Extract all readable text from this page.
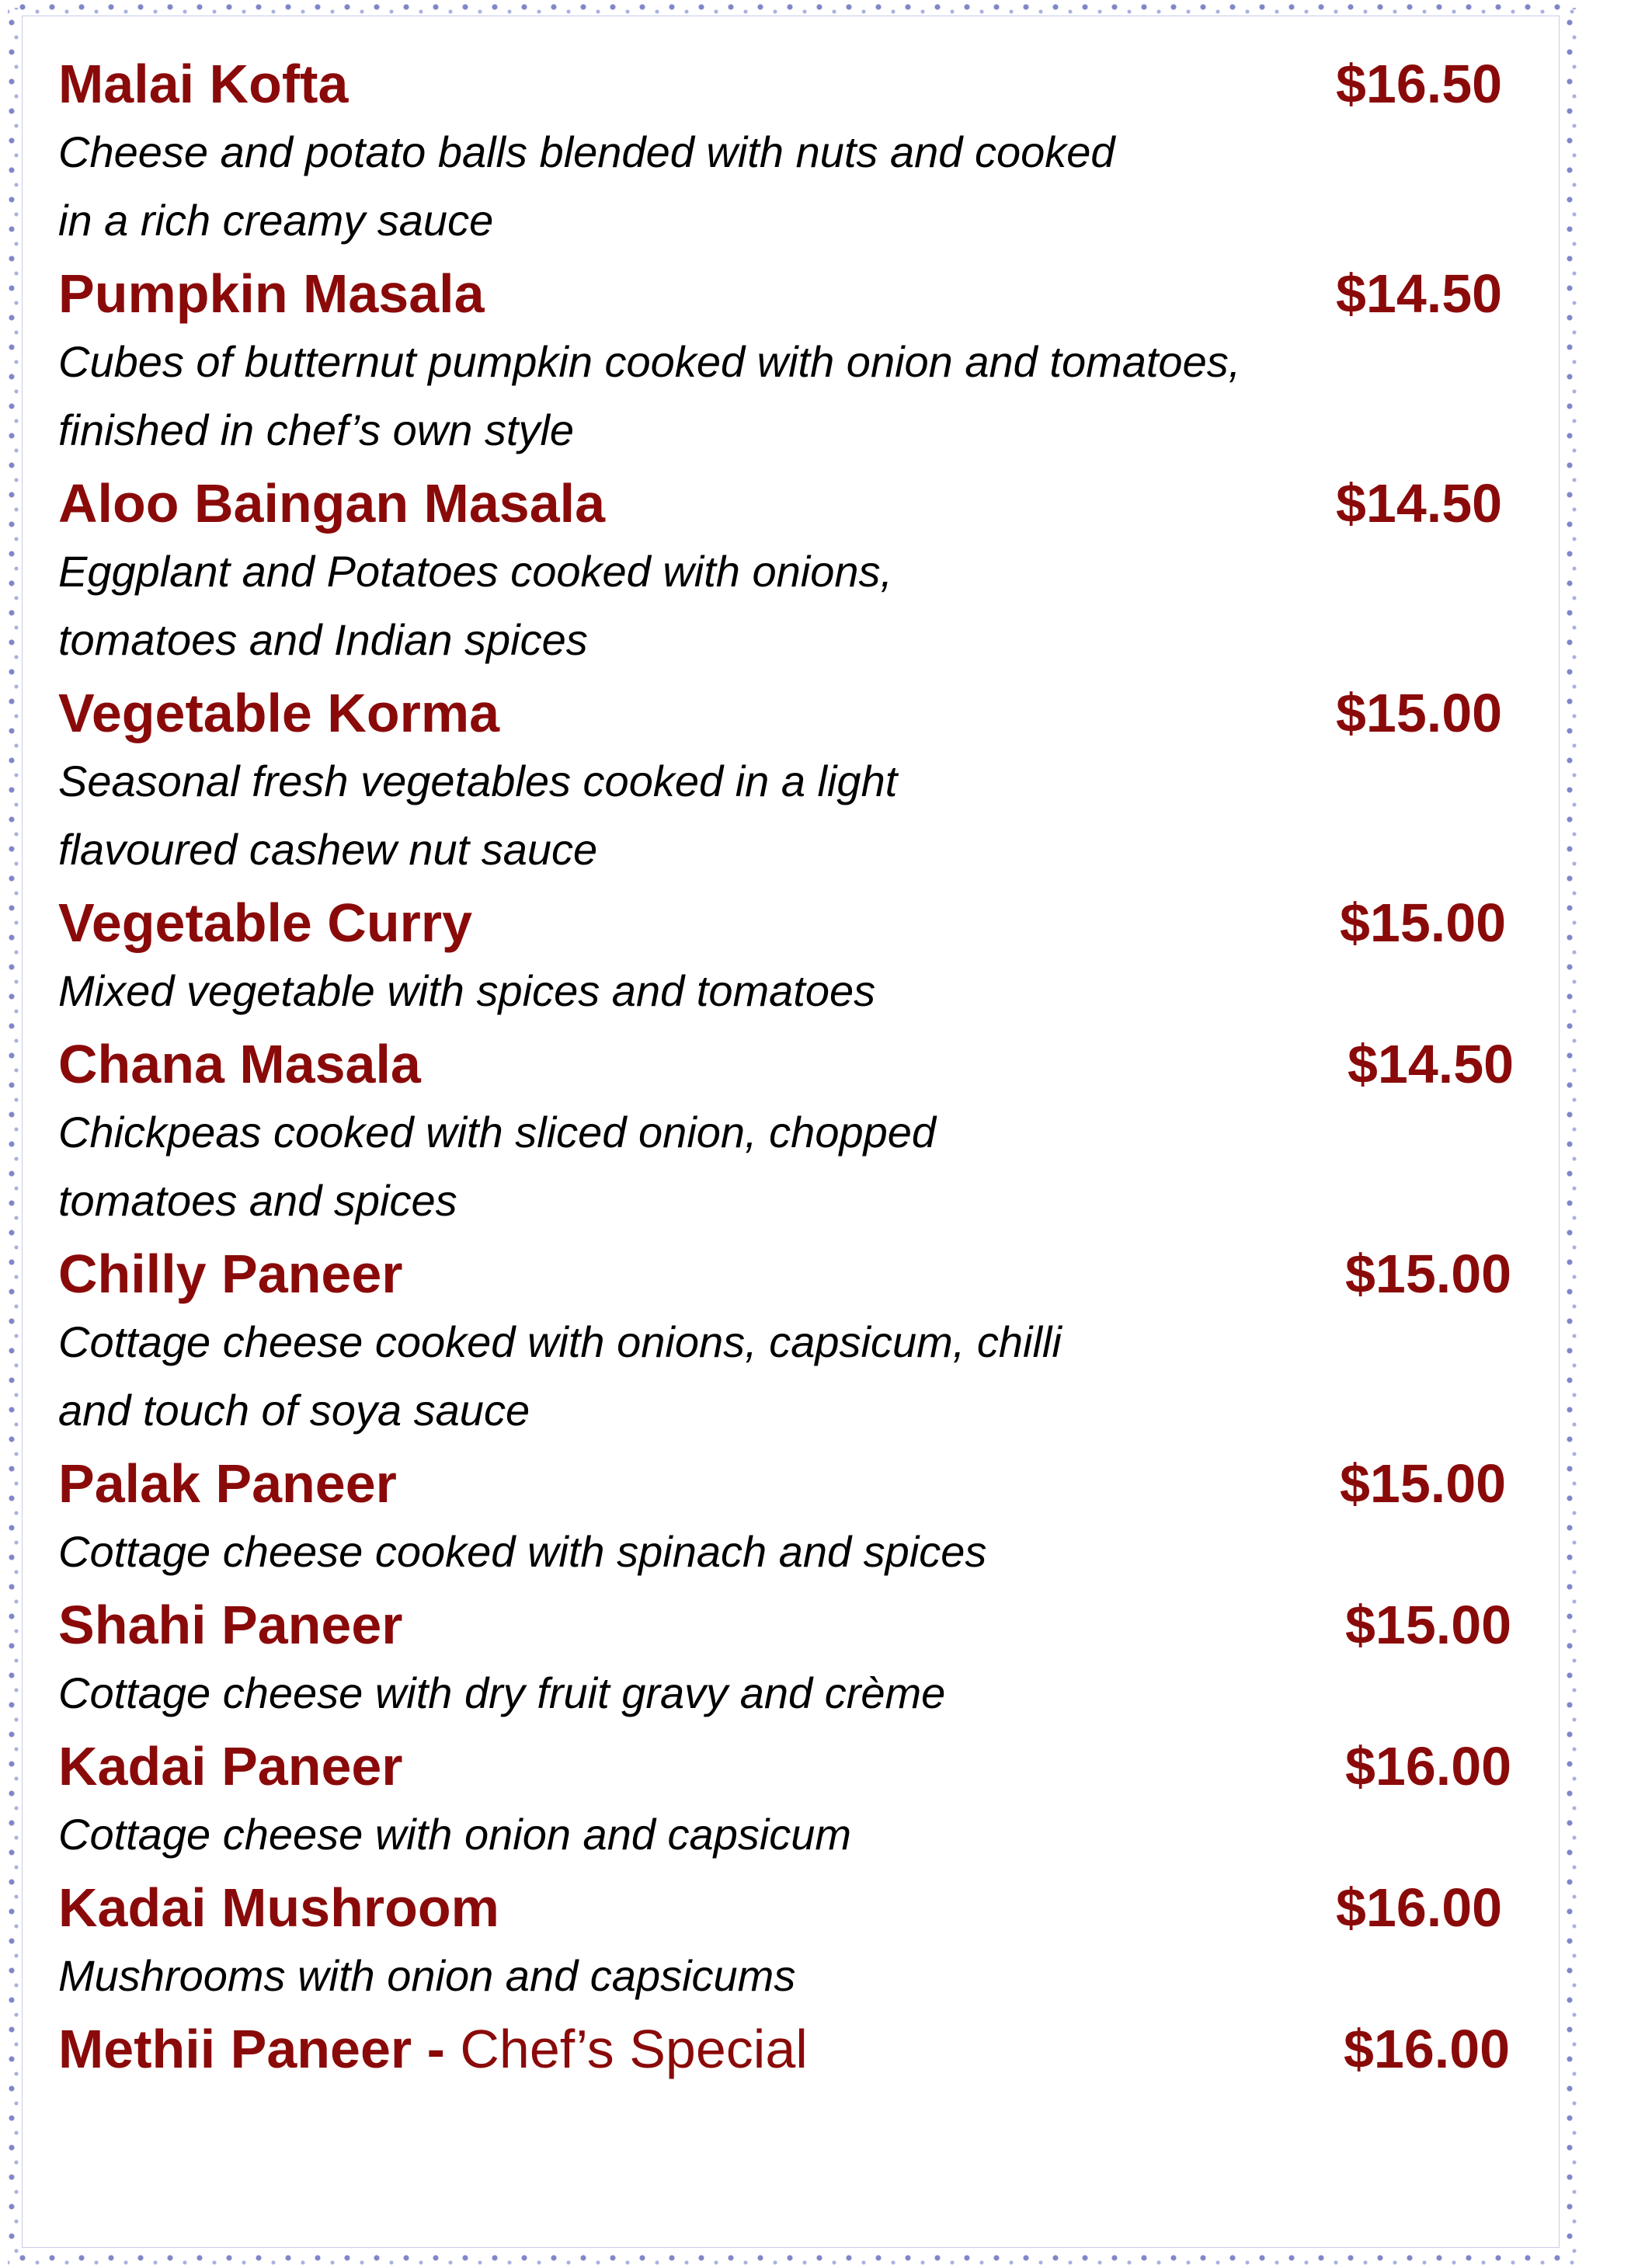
Malai Kofta	$16.50
Cheese and potato balls blended with nuts and cooked
in a rich creamy sauce
Pumpkin Masala	$14.50
Cubes of butternut pumpkin cooked with onion and tomatoes,
finished in chef’s own style
Aloo Baingan Masala	$14.50
Eggplant and Potatoes cooked with onions,
tomatoes and Indian spices
Vegetable Korma	$15.00
Seasonal fresh vegetables cooked in a light
flavoured cashew nut sauce
Vegetable Curry	$15.00
Mixed vegetable with spices and tomatoes
Chana Masala	$14.50
Chickpeas cooked with sliced onion, chopped
tomatoes and spices
Chilly Paneer	$15.00
Cottage cheese cooked with onions, capsicum, chilli
and touch of soya sauce
Palak Paneer	$15.00
Cottage cheese cooked with spinach and spices
Shahi Paneer	$15.00
Cottage cheese with dry fruit gravy and crème
Kadai Paneer	$16.00
Cottage cheese with onion and capsicum
Kadai Mushroom	$16.00
Mushrooms with onion and capsicums
Methii Paneer - Chef’s Special	$16.00
